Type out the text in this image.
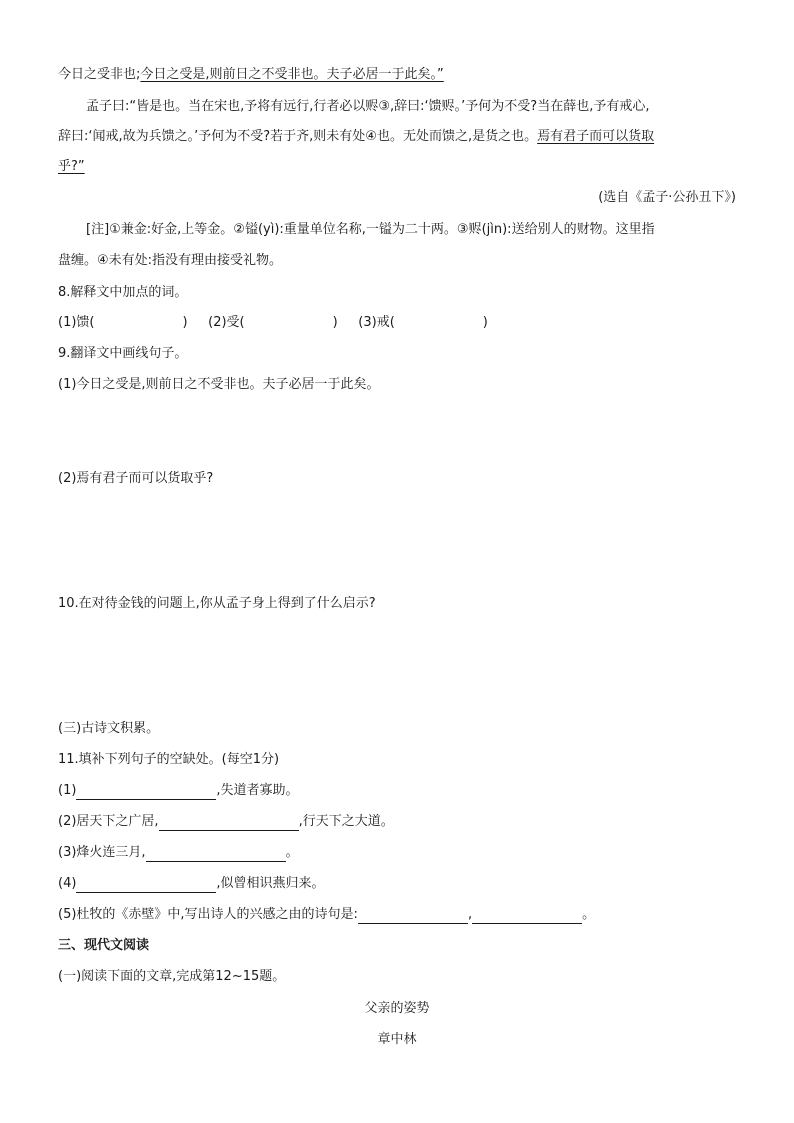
今日之受非也;今日之受是,则前日之不受非也。夫子必居一于此矣。”
孟子曰:“皆是也。当在宋也,予将有远行,行者必以赆③,辞曰:‘馈赆。’予何为不受?当在薛也,予有戒心,
辞曰:‘闻戒,故为兵馈之。’予何为不受?若于齐,则未有处④也。无处而馈之,是货之也。焉有君子而可以货取
乎?”
(选自《孟子·公孙丑下》)
[注]①兼金:好金,上等金。②镒(yì):重量单位名称,一镒为二十两。③赆(jìn):送给别人的财物。这里指
盘缠。④未有处:指没有理由接受礼物。
8.解释文中加点的词。
(1)馈(	) (2)受(	) (3)戒(	)
9.翻译文中画线句子。
(1)今日之受是,则前日之不受非也。夫子必居一于此矣。
(2)焉有君子而可以货取乎?
10.在对待金钱的问题上,你从孟子身上得到了什么启示?
(三)古诗文积累。
11.填补下列句子的空缺处。(每空1分)
(1)	,失道者寡助。
(2)居天下之广居,	,行天下之大道。
(3)烽火连三月,	。
(4)	,似曾相识燕归来。
(5)杜牧的《赤壁》中,写出诗人的兴感之由的诗句是:	,	。
三、现代文阅读
(一)阅读下面的文章,完成第12~15题。
父亲的姿势
章中林
